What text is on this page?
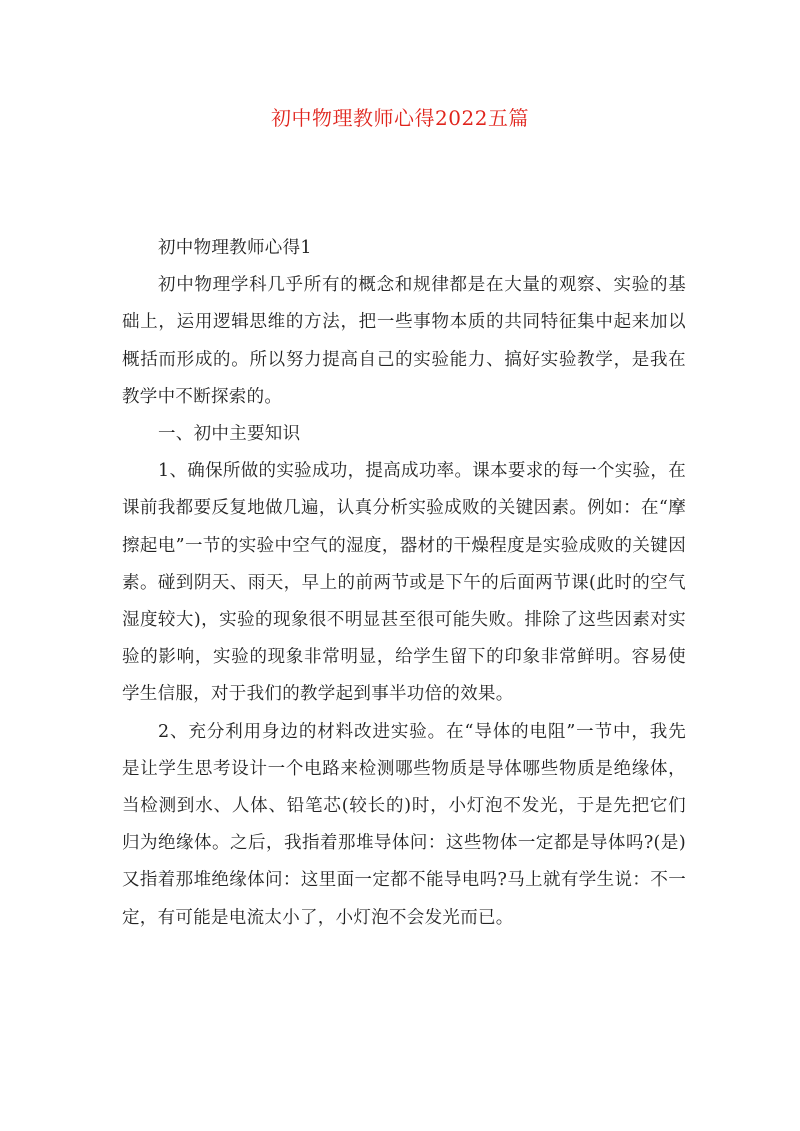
初中物理教师心得2022五篇

初中物理教师心得1

初中物理学科几乎所有的概念和规律都是在大量的观察、实验的基础上，运用逻辑思维的方法，把一些事物本质的共同特征集中起来加以概括而形成的。所以努力提高自己的实验能力、搞好实验教学，是我在教学中不断探索的。

一、初中主要知识

1、确保所做的实验成功，提高成功率。课本要求的每一个实验，在课前我都要反复地做几遍，认真分析实验成败的关键因素。例如：在“摩擦起电”一节的实验中空气的湿度，器材的干燥程度是实验成败的关键因素。碰到阴天、雨天，早上的前两节或是下午的后面两节课(此时的空气湿度较大)，实验的现象很不明显甚至很可能失败。排除了这些因素对实验的影响，实验的现象非常明显，给学生留下的印象非常鲜明。容易使学生信服，对于我们的教学起到事半功倍的效果。

2、充分利用身边的材料改进实验。在“导体的电阻”一节中，我先是让学生思考设计一个电路来检测哪些物质是导体哪些物质是绝缘体，当检测到水、人体、铅笔芯(较长的)时，小灯泡不发光，于是先把它们归为绝缘体。之后，我指着那堆导体问：这些物体一定都是导体吗?(是)又指着那堆绝缘体问：这里面一定都不能导电吗?马上就有学生说：不一定，有可能是电流太小了，小灯泡不会发光而已。
